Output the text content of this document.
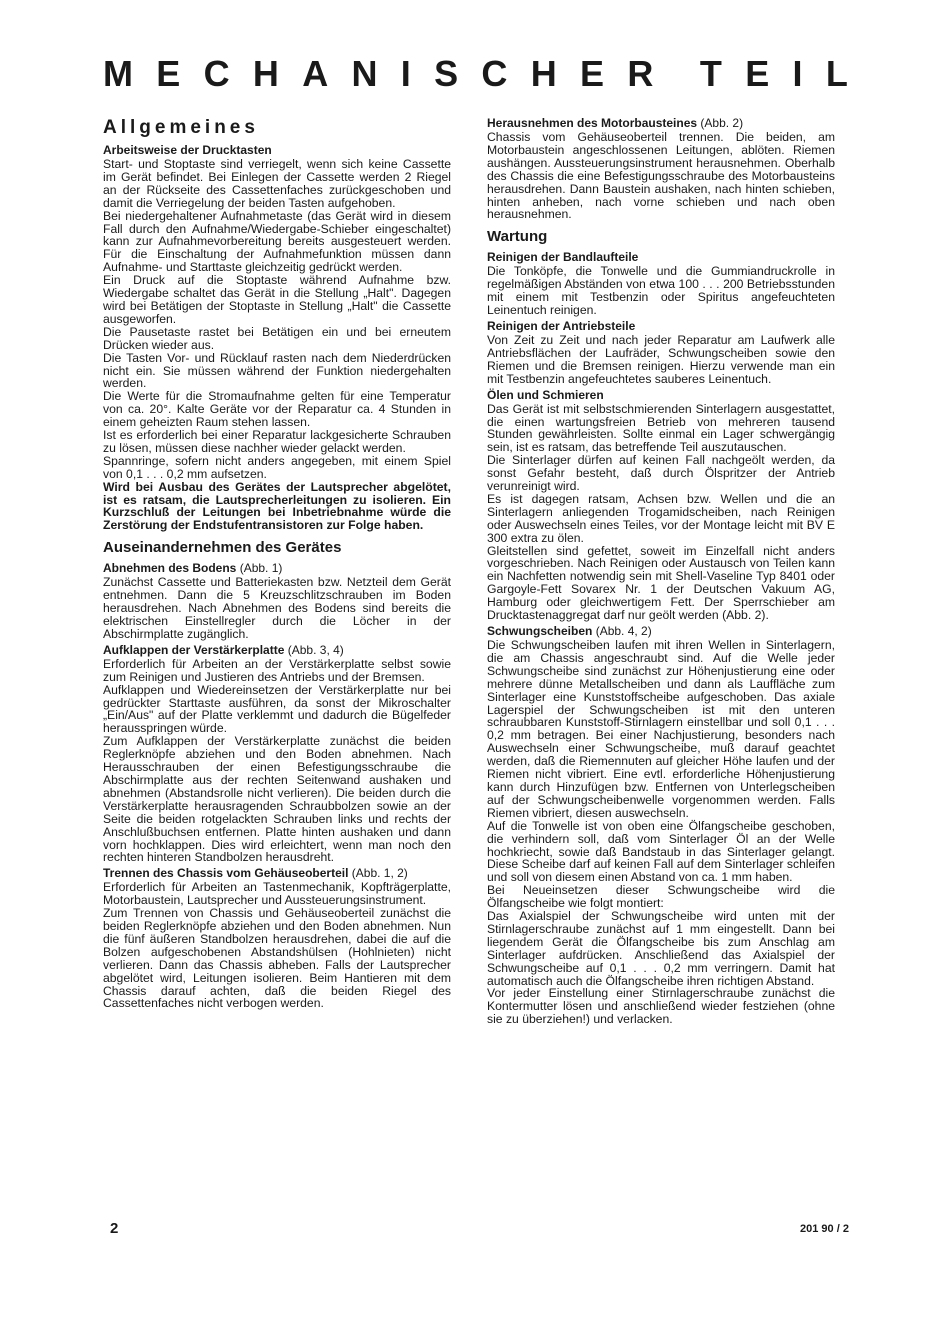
M E C H A N I S C H E R T E I L
Allgemeines
Arbeitsweise der Drucktasten

Start- und Stoptaste sind verriegelt, wenn sich keine Cassette im Gerät befindet. Bei Einlegen der Cassette werden 2 Riegel an der Rückseite des Cassettenfaches zurückgeschoben und damit die Verriegelung der beiden Tasten aufgehoben.

Bei niedergehaltener Aufnahmetaste (das Gerät wird in diesem Fall durch den Aufnahme/Wiedergabe-Schieber eingeschaltet) kann zur Aufnahmevorbereitung bereits ausgesteuert werden. Für die Einschaltung der Aufnahmefunktion müssen dann Aufnahme- und Starttaste gleichzeitig gedrückt werden.

Ein Druck auf die Stoptaste während Aufnahme bzw. Wiedergabe schaltet das Gerät in die Stellung „Halt". Dagegen wird bei Betätigen der Stoptaste in Stellung „Halt" die Cassette ausgeworfen.

Die Pausetaste rastet bei Betätigen ein und bei erneutem Drücken wieder aus.

Die Tasten Vor- und Rücklauf rasten nach dem Niederdrücken nicht ein. Sie müssen während der Funktion niedergehalten werden.

Die Werte für die Stromaufnahme gelten für eine Temperatur von ca. 20°. Kalte Geräte vor der Reparatur ca. 4 Stunden in einem geheizten Raum stehen lassen.

Ist es erforderlich bei einer Reparatur lackgesicherte Schrauben zu lösen, müssen diese nachher wieder gelackt werden.

Spannringe, sofern nicht anders angegeben, mit einem Spiel von 0,1 . . . 0,2 mm aufsetzen.

Wird bei Ausbau des Gerätes der Lautsprecher abgelötet, ist es ratsam, die Lautsprecherleitungen zu isolieren. Ein Kurzschluß der Leitungen bei Inbetriebnahme würde die Zerstörung der Endstufentransistoren zur Folge haben.

Auseinandernehmen des Gerätes
Abnehmen des Bodens (Abb. 1)

Zunächst Cassette und Batteriekasten bzw. Netzteil dem Gerät entnehmen. Dann die 5 Kreuzschlitzschrauben im Boden herausdrehen. Nach Abnehmen des Bodens sind bereits die elektrischen Einstellregler durch die Löcher in der Abschirmplatte zugänglich.

Aufklappen der Verstärkerplatte (Abb. 3, 4)

Erforderlich für Arbeiten an der Verstärkerplatte selbst sowie zum Reinigen und Justieren des Antriebs und der Bremsen.

Aufklappen und Wiedereinsetzen der Verstärkerplatte nur bei gedrückter Starttaste ausführen, da sonst der Mikroschalter „Ein/Aus" auf der Platte verklemmt und dadurch die Bügelfeder herausspringen würde.

Zum Aufklappen der Verstärkerplatte zunächst die beiden Reglerknöpfe abziehen und den Boden abnehmen. Nach Herausschrauben der einen Befestigungsschraube die Abschirmplatte aus der rechten Seitenwand aushaken und abnehmen (Abstandsrolle nicht verlieren). Die beiden durch die Verstärkerplatte herausragenden Schraubbolzen sowie an der Seite die beiden rotgelackten Schrauben links und rechts der Anschlußbuchsen entfernen. Platte hinten aushaken und dann vorn hochklappen. Dies wird erleichtert, wenn man noch den rechten hinteren Standbolzen herausdreht.

Trennen des Chassis vom Gehäuseoberteil (Abb. 1, 2)

Erforderlich für Arbeiten an Tastenmechanik, Kopfträgerplatte, Motorbaustein, Lautsprecher und Aussteuerungsinstrument.

Zum Trennen von Chassis und Gehäuseoberteil zunächst die beiden Reglerknöpfe abziehen und den Boden abnehmen. Nun die fünf äußeren Standbolzen herausdrehen, dabei die auf die Bolzen aufgeschobenen Abstandshülsen (Hohlnieten) nicht verlieren. Dann das Chassis abheben. Falls der Lautsprecher abgelötet wird, Leitungen isolieren. Beim Hantieren mit dem Chassis darauf achten, daß die beiden Riegel des Cassettenfaches nicht verbogen werden.

Herausnehmen des Motorbausteines (Abb. 2)

Chassis vom Gehäuseoberteil trennen. Die beiden, am Motorbaustein angeschlossenen Leitungen, ablöten. Riemen aushängen. Aussteuerungsinstrument herausnehmen. Oberhalb des Chassis die eine Befestigungsschraube des Motorbausteins herausdrehen. Dann Baustein aushaken, nach hinten schieben, hinten anheben, nach vorne schieben und nach oben herausnehmen.

Wartung
Reinigen der Bandlaufteile

Die Tonköpfe, die Tonwelle und die Gummiandruckrolle in regelmäßigen Abständen von etwa 100 . . . 200 Betriebsstunden mit einem mit Testbenzin oder Spiritus angefeuchteten Leinentuch reinigen.

Reinigen der Antriebsteile

Von Zeit zu Zeit und nach jeder Reparatur am Laufwerk alle Antriebsflächen der Laufräder, Schwungscheiben sowie den Riemen und die Bremsen reinigen. Hierzu verwende man ein mit Testbenzin angefeuchtetes sauberes Leinentuch.

Ölen und Schmieren

Das Gerät ist mit selbstschmierenden Sinterlagern ausgestattet, die einen wartungsfreien Betrieb von mehreren tausend Stunden gewährleisten. Sollte einmal ein Lager schwergängig sein, ist es ratsam, das betreffende Teil auszutauschen.

Die Sinterlager dürfen auf keinen Fall nachgeölt werden, da sonst Gefahr besteht, daß durch Ölspritzer der Antrieb verunreinigt wird.

Es ist dagegen ratsam, Achsen bzw. Wellen und die an Sinterlagern anliegenden Trogamidscheiben, nach Reinigen oder Auswechseln eines Teiles, vor der Montage leicht mit BV E 300 extra zu ölen.

Gleitstellen sind gefettet, soweit im Einzelfall nicht anders vorgeschrieben. Nach Reinigen oder Austausch von Teilen kann ein Nachfetten notwendig sein mit Shell-Vaseline Typ 8401 oder Gargoyle-Fett Sovarex Nr. 1 der Deutschen Vakuum AG, Hamburg oder gleichwertigem Fett. Der Sperrschieber am Drucktastenaggregat darf nur geölt werden (Abb. 2).

Schwungscheiben (Abb. 4, 2)

Die Schwungscheiben laufen mit ihren Wellen in Sinterlagern, die am Chassis angeschraubt sind. Auf die Welle jeder Schwungscheibe sind zunächst zur Höhenjustierung eine oder mehrere dünne Metallscheiben und dann als Lauffläche zum Sinterlager eine Kunststoffscheibe aufgeschoben. Das axiale Lagerspiel der Schwungscheiben ist mit den unteren schraubbaren Kunststoff-Stirnlagern einstellbar und soll 0,1 . . . 0,2 mm betragen. Bei einer Nachjustierung, besonders nach Auswechseln einer Schwungscheibe, muß darauf geachtet werden, daß die Riemennuten auf gleicher Höhe laufen und der Riemen nicht vibriert. Eine evtl. erforderliche Höhenjustierung kann durch Hinzufügen bzw. Entfernen von Unterlegscheiben auf der Schwungscheibenwelle vorgenommen werden. Falls Riemen vibriert, diesen auswechseln.

Auf die Tonwelle ist von oben eine Ölfangscheibe geschoben, die verhindern soll, daß vom Sinterlager Öl an der Welle hochkriecht, sowie daß Bandstaub in das Sinterlager gelangt. Diese Scheibe darf auf keinen Fall auf dem Sinterlager schleifen und soll von diesem einen Abstand von ca. 1 mm haben.

Bei Neueinsetzen dieser Schwungscheibe wird die Ölfangscheibe wie folgt montiert:

Das Axialspiel der Schwungscheibe wird unten mit der Stirnlagerschraube zunächst auf 1 mm eingestellt. Dann bei liegendem Gerät die Ölfangscheibe bis zum Anschlag am Sinterlager aufdrücken. Anschließend das Axialspiel der Schwungscheibe auf 0,1 . . . 0,2 mm verringern. Damit hat automatisch auch die Ölfangscheibe ihren richtigen Abstand.

Vor jeder Einstellung einer Stirnlagerschraube zunächst die Kontermutter lösen und anschließend wieder festziehen (ohne sie zu überziehen!) und verlacken.

2	201 90 / 2
